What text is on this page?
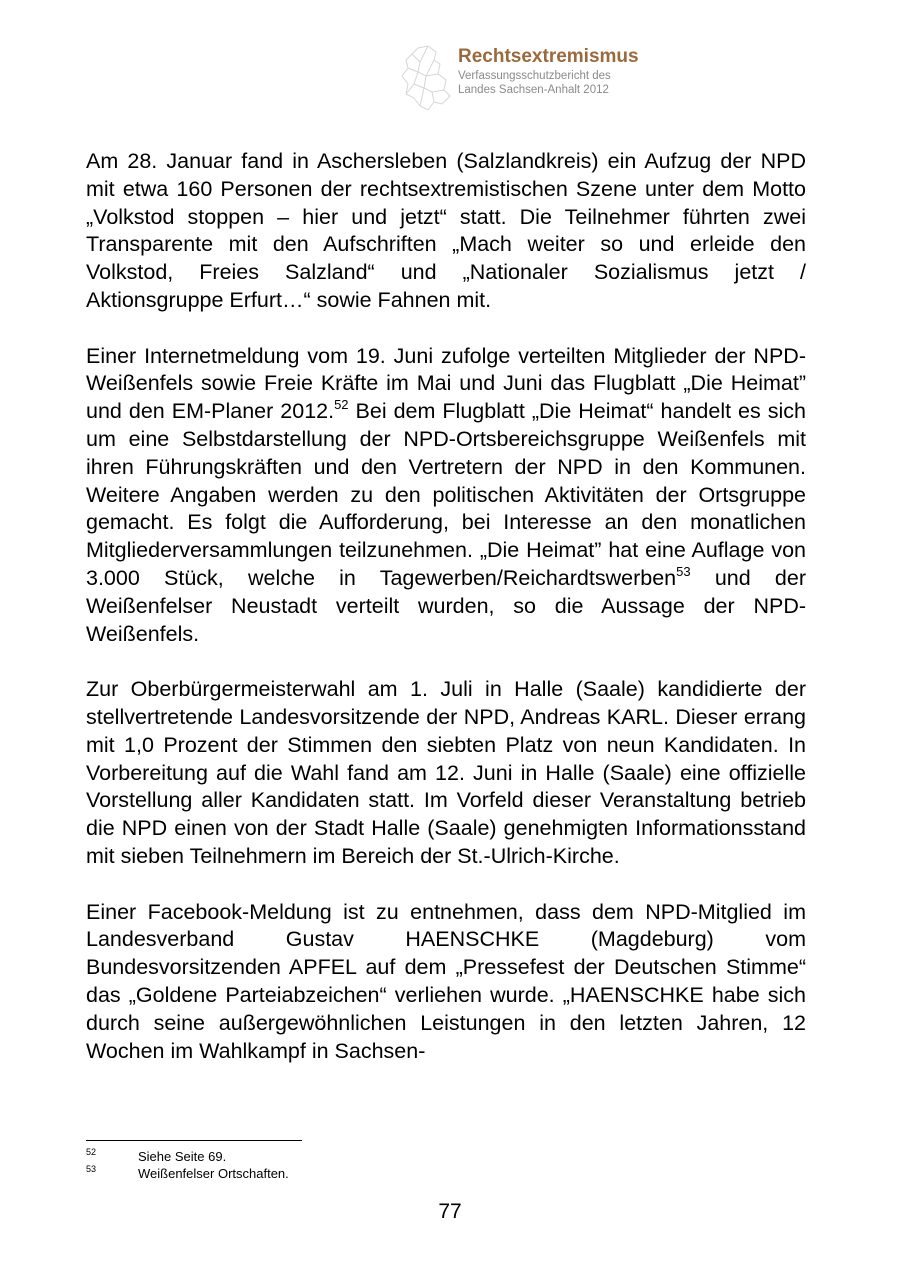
Rechtsextremismus
Verfassungsschutzbericht des
Landes Sachsen-Anhalt 2012

Am 28. Januar fand in Aschersleben (Salzlandkreis) ein Aufzug der NPD mit etwa 160 Personen der rechtsextremistischen Szene unter dem Motto „Volkstod stoppen – hier und jetzt“ statt. Die Teilnehmer führten zwei Transparente mit den Aufschriften „Mach weiter so und erleide den Volkstod, Freies Salzland“ und „Nationaler Sozialismus jetzt / Aktionsgruppe Erfurt…“ sowie Fahnen mit.

Einer Internetmeldung vom 19. Juni zufolge verteilten Mitglieder der NPD-Weißenfels sowie Freie Kräfte im Mai und Juni das Flugblatt „Die Heimat” und den EM-Planer 2012.52 Bei dem Flugblatt „Die Heimat“ handelt es sich um eine Selbstdarstellung der NPD-Ortsbereichsgruppe Weißenfels mit ihren Führungskräften und den Vertretern der NPD in den Kommunen. Weitere Angaben werden zu den politischen Aktivitäten der Ortsgruppe gemacht. Es folgt die Aufforderung, bei Interesse an den monatlichen Mitgliederversammlungen teilzunehmen. „Die Heimat” hat eine Auflage von 3.000 Stück, welche in Tagewerben/Reichardtswerben$^{53}$ und der Weißenfelser Neustadt verteilt wurden, so die Aussage der NPD-Weißenfels.

Zur Oberbürgermeisterwahl am 1. Juli in Halle (Saale) kandidierte der stellvertretende Landesvorsitzende der NPD, Andreas KARL. Dieser errang mit 1,0 Prozent der Stimmen den siebten Platz von neun Kandidaten. In Vorbereitung auf die Wahl fand am 12. Juni in Halle (Saale) eine offizielle Vorstellung aller Kandidaten statt. Im Vorfeld dieser Veranstaltung betrieb die NPD einen von der Stadt Halle (Saale) genehmigten Informationsstand mit sieben Teilnehmern im Bereich der St.-Ulrich-Kirche.

Einer Facebook-Meldung ist zu entnehmen, dass dem NPD-Mitglied im Landesverband Gustav HAENSCHKE (Magdeburg) vom Bundesvorsitzenden APFEL auf dem „Pressefest der Deutschen Stimme“ das „Goldene Parteiabzeichen“ verliehen wurde. „HAENSCHKE habe sich durch seine außergewöhnlichen Leistungen in den letzten Jahren, 12 Wochen im Wahlkampf in Sachsen-

52	Siehe Seite 69.
53	Weißenfelser Ortschaften.
77
